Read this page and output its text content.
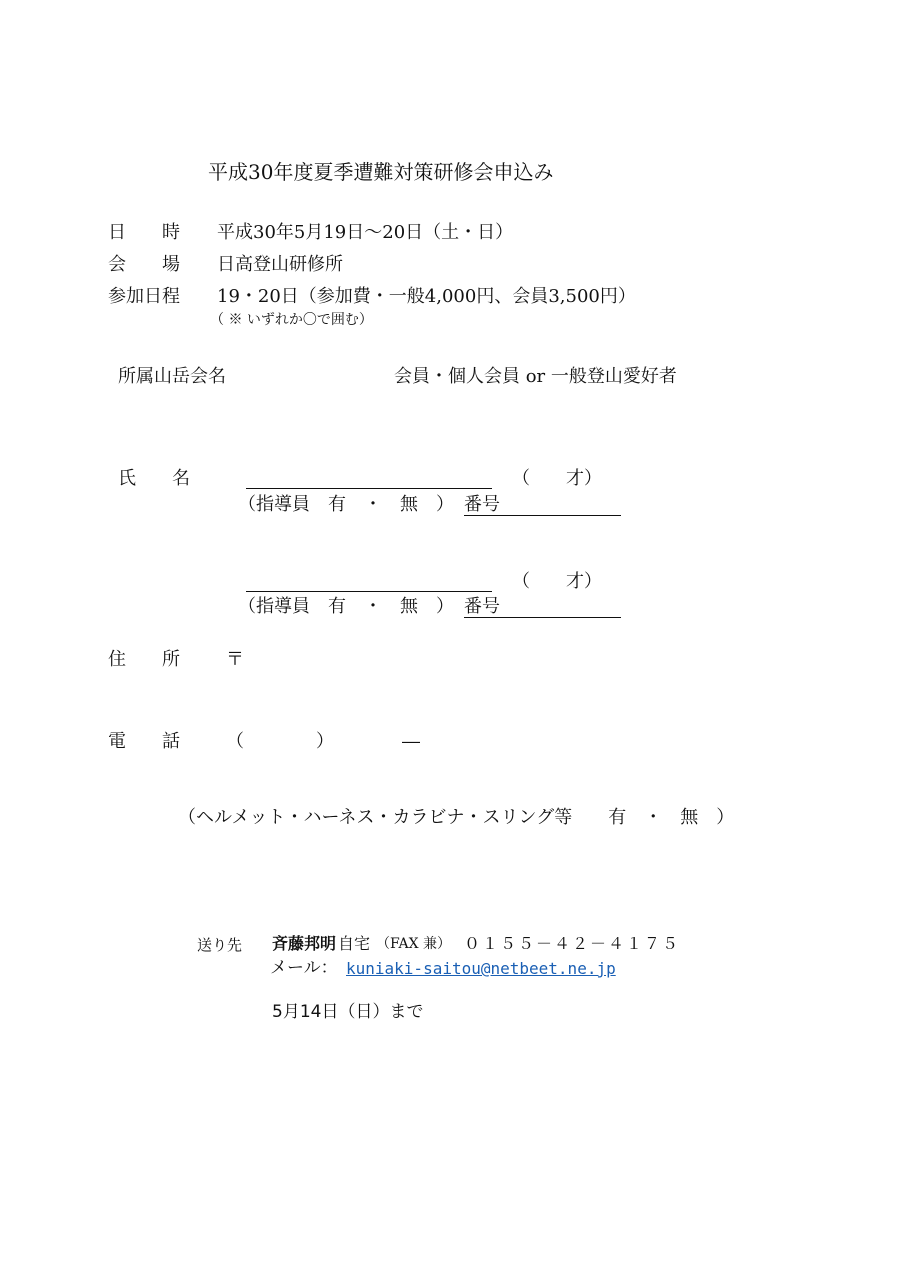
平成30年度夏季遭難対策研修会申込み
日　　時 平成30年5月19日〜20日（土・日）
会　　場 日高登山研修所
参加日程 19・20日（参加費・一般4,000円、会員3,500円）
（ ※ いずれか〇で囲む）
所属山岳会名	会員・個人会員 or 一般登山愛好者
氏　　名	（　　才）
（指導員　有　・　無　） 番号
（　　才）
（指導員　有　・　無　） 番号
住　　所	〒
電　　話	（　　　　）	―
（ヘルメット・ハーネス・カラビナ・スリング等　　有　・　無　）
送り先 斉藤邦明 自宅 （FAX 兼） ０１５５－４２－４１７５
メール： kuniaki-saitou@netbeet.ne.jp
5月14日（日）まで
